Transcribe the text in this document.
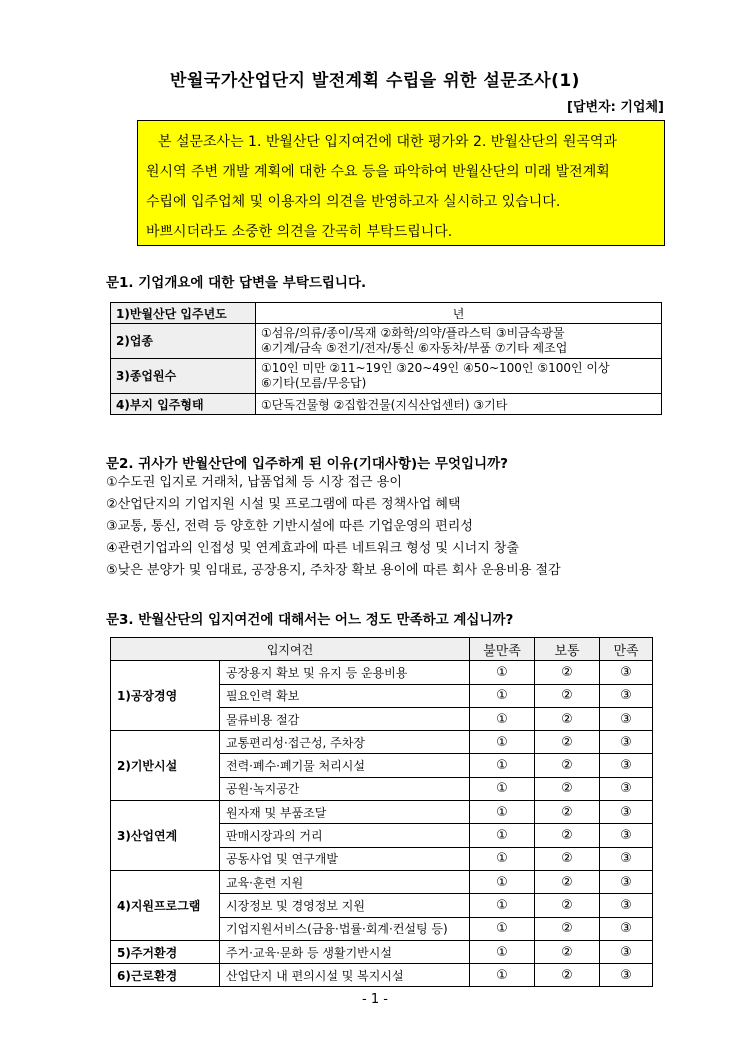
반월국가산업단지 발전계획 수립을 위한 설문조사(1)
[답변자: 기업체]
본 설문조사는 1. 반월산단 입지여건에 대한 평가와 2. 반월산단의 원곡역과
원시역 주변 개발 계획에 대한 수요 등을 파악하여 반월산단의 미래 발전계획
수립에 입주업체 및 이용자의 의견을 반영하고자 실시하고 있습니다.
바쁘시더라도 소중한 의견을 간곡히 부탁드립니다.
문1. 기업개요에 대한 답변을 부탁드립니다.
1)반월산단 입주년도	년
2)업종	①섬유/의류/종이/목재 ②화학/의약/플라스틱 ③비금속광물
④기계/금속 ⑤전기/전자/통신 ⑥자동차/부품 ⑦기타 제조업

3)종업원수	①10인 미만 ②11~19인 ③20~49인 ④50~100인 ⑤100인 이상
⑥기타(모름/무응답)

4)부지 입주형태	①단독건물형 ②집합건물(지식산업센터) ③기타
문2. 귀사가 반월산단에 입주하게 된 이유(기대사항)는 무엇입니까?
①수도권 입지로 거래처, 납품업체 등 시장 접근 용이
②산업단지의 기업지원 시설 및 프로그램에 따른 정책사업 혜택
③교통, 통신, 전력 등 양호한 기반시설에 따른 기업운영의 편리성
④관련기업과의 인접성 및 연계효과에 따른 네트워크 형성 및 시너지 창출
⑤낮은 분양가 및 임대료, 공장용지, 주차장 확보 용이에 따른 회사 운용비용 절감
문3. 반월산단의 입지여건에 대해서는 어느 정도 만족하고 계십니까?
입지여건		불만족	보통	만족
1)공장경영	공장용지 확보 및 유지 등 운용비용	①	②	③
	필요인력 확보	①	②	③
	물류비용 절감	①	②	③
2)기반시설	교통편리성·접근성, 주차장	①	②	③
	전력·폐수·폐기물 처리시설	①	②	③
	공원·녹지공간	①	②	③
3)산업연계	원자재 및 부품조달	①	②	③
	판매시장과의 거리	①	②	③
	공동사업 및 연구개발	①	②	③
4)지원프로그램	교육·훈련 지원	①	②	③
	시장정보 및 경영정보 지원	①	②	③
	기업지원서비스(금융·법률·회계·컨설팅 등)	①	②	③
5)주거환경	주거·교육·문화 등 생활기반시설	①	②	③
6)근로환경	산업단지 내 편의시설 및 복지시설	①	②	③
- 1 -
